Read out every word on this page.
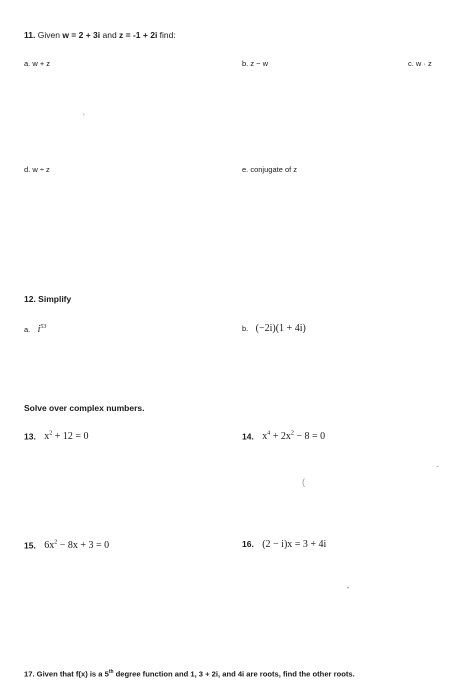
11. Given w = 2 + 3i and z = -1 + 2i find:
a. w + z	b. z − w	c. w · z
'
d. w ÷ z	e. conjugate of z
12. Simplify
a. $i^{53}$	b. (−2i)(1 + 4i)
Solve over complex numbers.
13. $x^2 + 12 = 0$	14. $x^4 + 2x^2 - 8 = 0$
-
(
15. $6x^2 - 8x + 3 = 0$	16. (2 − i)x = 3 + 4i
•
17. Given that f(x) is a 5th degree function and 1, 3 + 2i, and 4i are roots, find the other roots.
